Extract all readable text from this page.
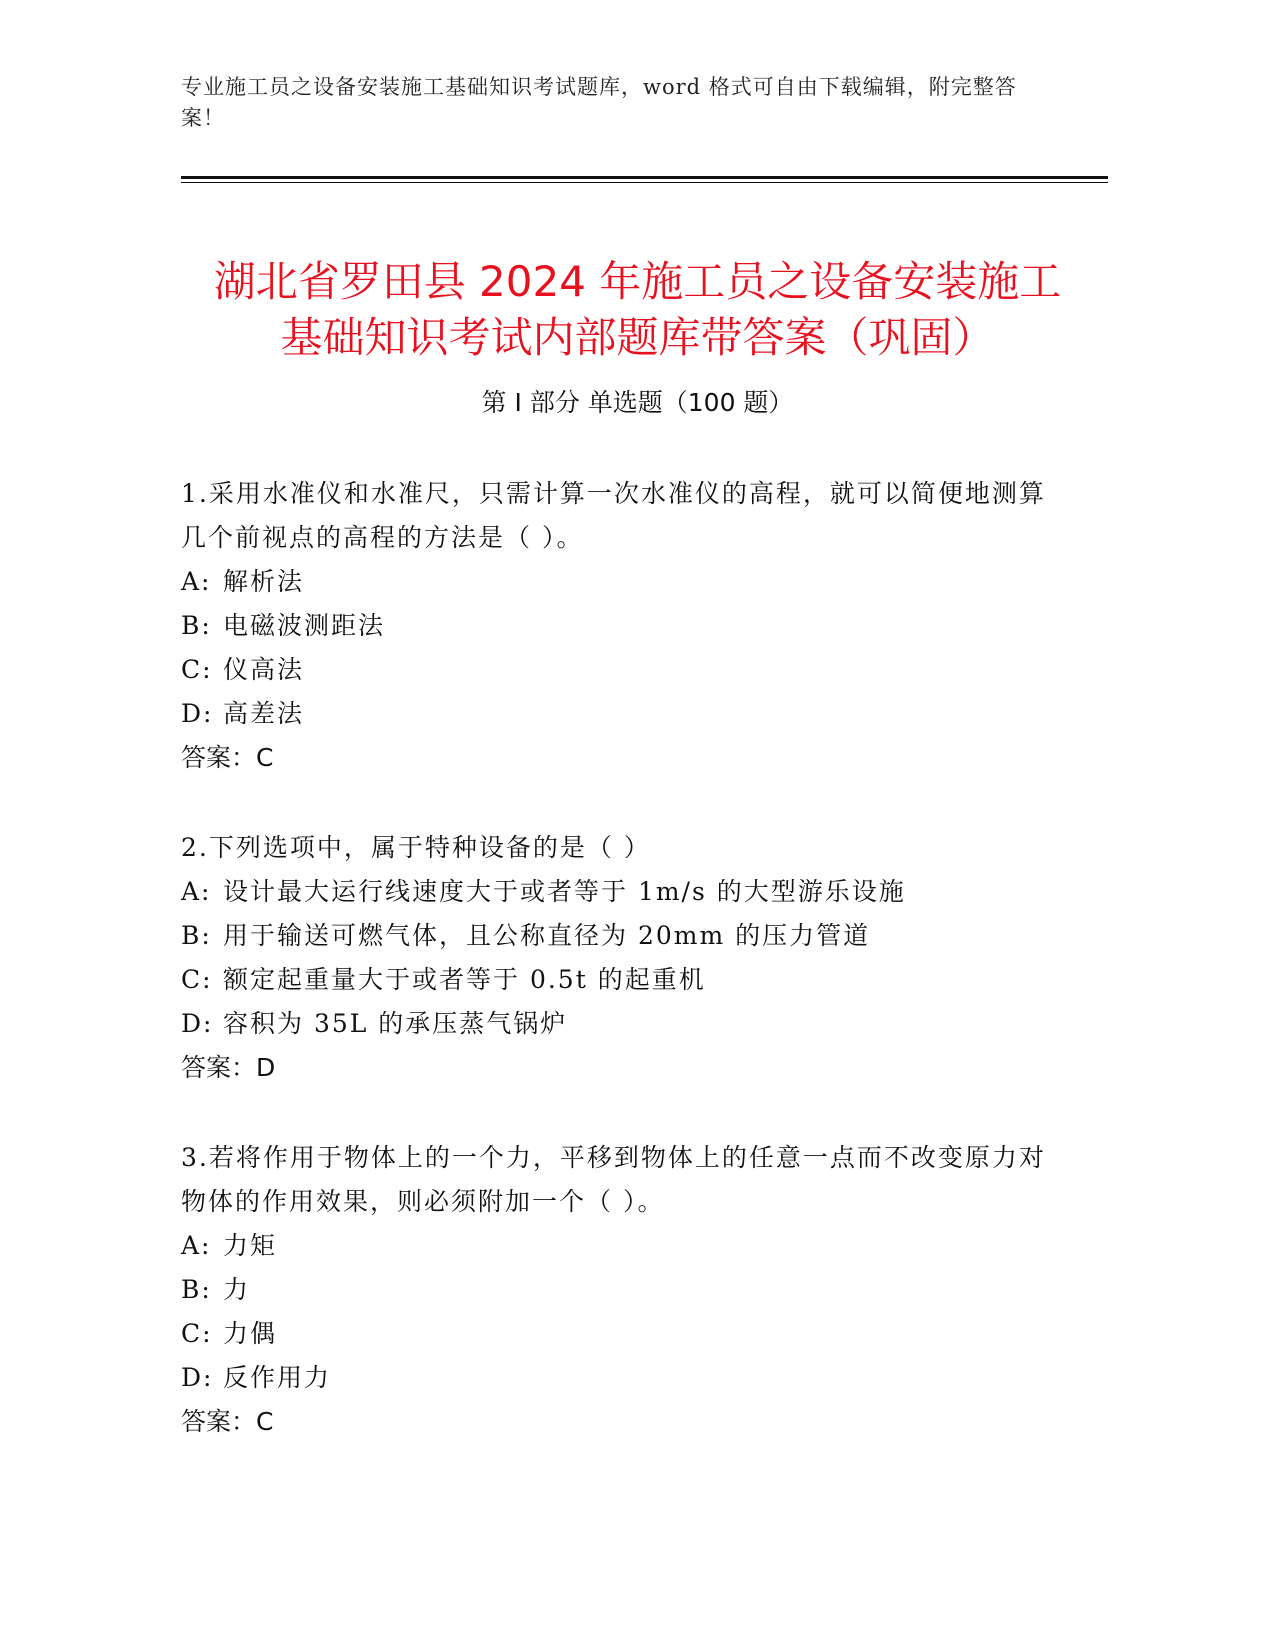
专业施工员之设备安装施工基础知识考试题库，word 格式可自由下载编辑，附完整答案！
湖北省罗田县 2024 年施工员之设备安装施工
基础知识考试内部题库带答案（巩固）
第 I 部分 单选题（100 题）

1.采用水准仪和水准尺，只需计算一次水准仪的高程，就可以简便地测算几个前视点的高程的方法是（ ）。

A: 解析法

B: 电磁波测距法

C: 仪高法

D: 高差法

答案：C

2.下列选项中，属于特种设备的是（ ）

A: 设计最大运行线速度大于或者等于 1m/s 的大型游乐设施

B: 用于输送可燃气体，且公称直径为 20mm 的压力管道

C: 额定起重量大于或者等于 0.5t 的起重机

D: 容积为 35L 的承压蒸气锅炉

答案：D

3.若将作用于物体上的一个力，平移到物体上的任意一点而不改变原力对物体的作用效果，则必须附加一个（ ）。

A: 力矩

B: 力

C: 力偶

D: 反作用力

答案：C
